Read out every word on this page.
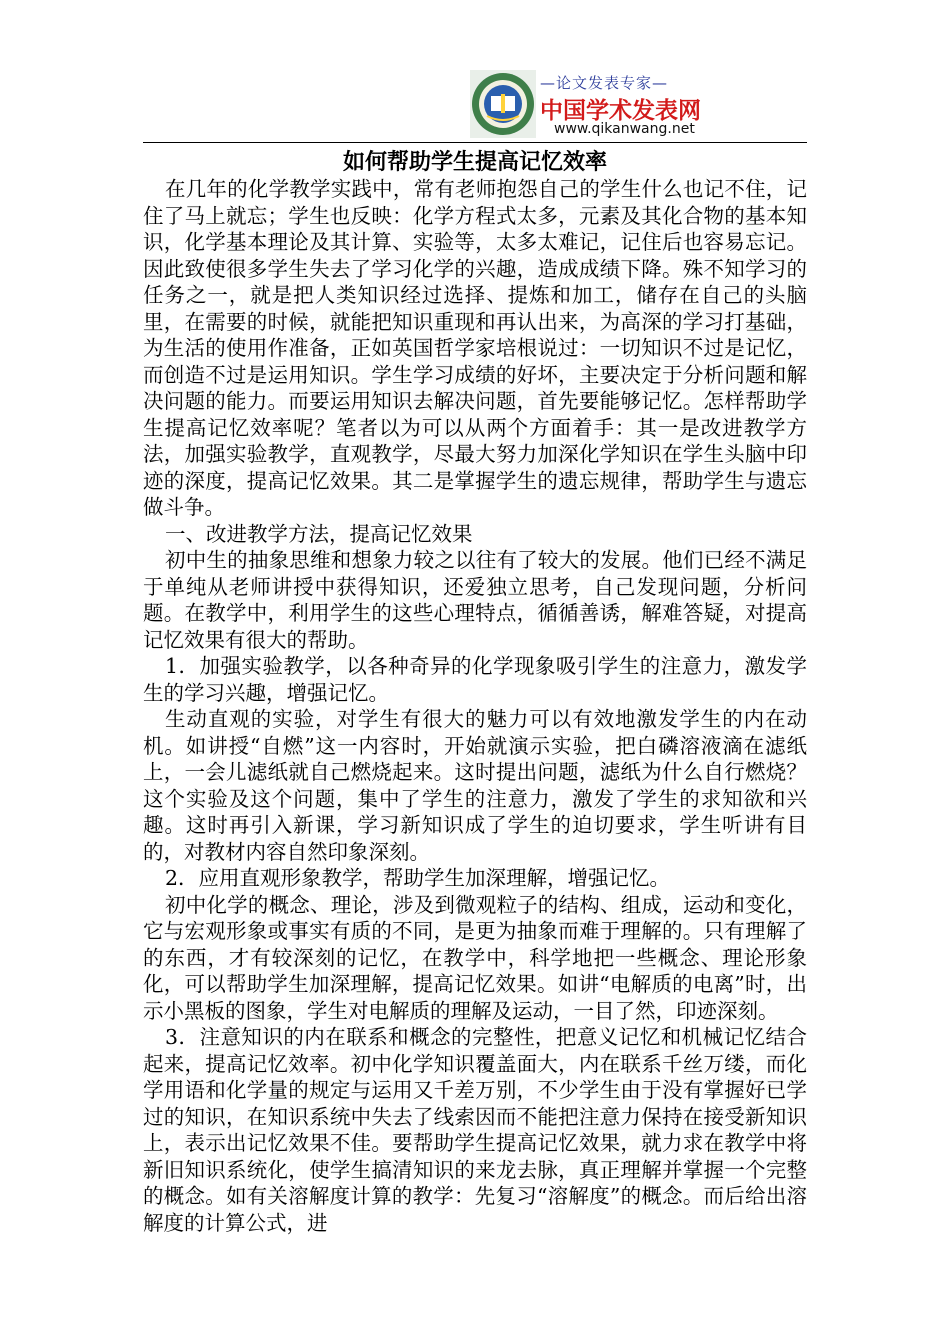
—论文发表专家—
中国学术发表网
www.qikanwang.net
如何帮助学生提高记忆效率

在几年的化学教学实践中，常有老师抱怨自己的学生什么也记不住，记住了马上就忘；学生也反映：化学方程式太多，元素及其化合物的基本知识，化学基本理论及其计算、实验等，太多太难记，记住后也容易忘记。因此致使很多学生失去了学习化学的兴趣，造成成绩下降。殊不知学习的任务之一，就是把人类知识经过选择、提炼和加工，储存在自己的头脑里，在需要的时候，就能把知识重现和再认出来，为高深的学习打基础，为生活的使用作准备，正如英国哲学家培根说过：一切知识不过是记忆，而创造不过是运用知识。学生学习成绩的好坏，主要决定于分析问题和解决问题的能力。而要运用知识去解决问题，首先要能够记忆。怎样帮助学生提高记忆效率呢？笔者以为可以从两个方面着手：其一是改进教学方法，加强实验教学，直观教学，尽最大努力加深化学知识在学生头脑中印迹的深度，提高记忆效果。其二是掌握学生的遗忘规律，帮助学生与遗忘做斗争。

一、改进教学方法，提高记忆效果

初中生的抽象思维和想象力较之以往有了较大的发展。他们已经不满足于单纯从老师讲授中获得知识，还爱独立思考，自己发现问题，分析问题。在教学中，利用学生的这些心理特点，循循善诱，解难答疑，对提高记忆效果有很大的帮助。

1．加强实验教学，以各种奇异的化学现象吸引学生的注意力，激发学生的学习兴趣，增强记忆。

生动直观的实验，对学生有很大的魅力可以有效地激发学生的内在动机。如讲授“自燃”这一内容时，开始就演示实验，把白磷溶液滴在滤纸上，一会儿滤纸就自己燃烧起来。这时提出问题，滤纸为什么自行燃烧？这个实验及这个问题，集中了学生的注意力，激发了学生的求知欲和兴趣。这时再引入新课，学习新知识成了学生的迫切要求，学生听讲有目的，对教材内容自然印象深刻。

2．应用直观形象教学，帮助学生加深理解，增强记忆。

初中化学的概念、理论，涉及到微观粒子的结构、组成，运动和变化，它与宏观形象或事实有质的不同，是更为抽象而难于理解的。只有理解了的东西，才有较深刻的记忆，在教学中，科学地把一些概念、理论形象化，可以帮助学生加深理解，提高记忆效果。如讲“电解质的电离”时，出示小黑板的图象，学生对电解质的理解及运动，一目了然，印迹深刻。

3．注意知识的内在联系和概念的完整性，把意义记忆和机械记忆结合起来，提高记忆效率。初中化学知识覆盖面大，内在联系千丝万缕，而化学用语和化学量的规定与运用又千差万别，不少学生由于没有掌握好已学过的知识，在知识系统中失去了线索因而不能把注意力保持在接受新知识上，表示出记忆效果不佳。要帮助学生提高记忆效果，就力求在教学中将新旧知识系统化，使学生搞清知识的来龙去脉，真正理解并掌握一个完整的概念。如有关溶解度计算的教学：先复习“溶解度”的概念。而后给出溶解度的计算公式，进
